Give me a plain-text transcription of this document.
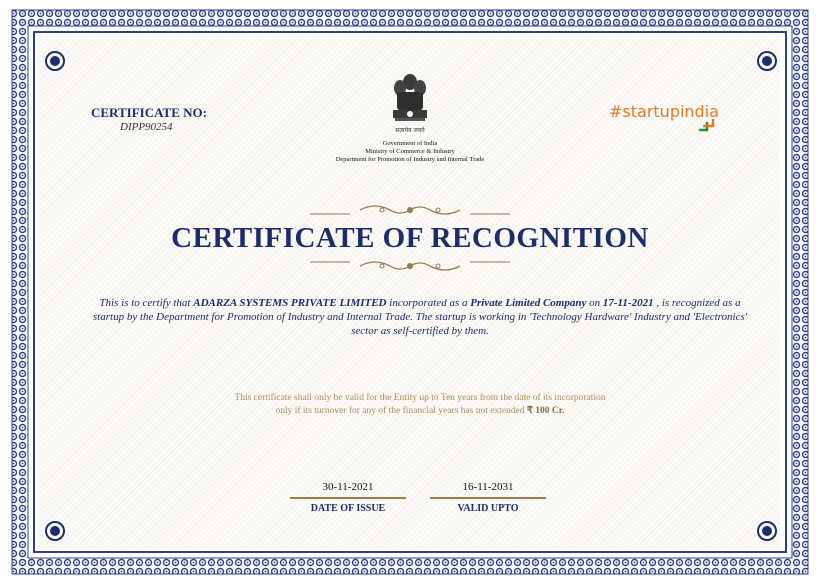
CERTIFICATE NO:
DIPP90254	सत्यमेव जयते
Government of India
Ministry of Commerce & Industry
Department for Promotion of Industry and Internal Trade
#startupindia
CERTIFICATE OF RECOGNITION
This is to certify that ADARZA SYSTEMS PRIVATE LIMITED incorporated as a Private Limited Company on 17-11-2021 , is recognized as a startup by the Department for Promotion of Industry and Internal Trade. The startup is working in 'Technology Hardware' Industry and 'Electronics' sector as self-certified by them.
This certificate shall only be valid for the Entity up to Ten years from the date of its incorporation
only if its turnover for any of the financial years has not extended ₹ 100 Cr.
30-11-2021
DATE OF ISSUE
16-11-2031
VALID UPTO
